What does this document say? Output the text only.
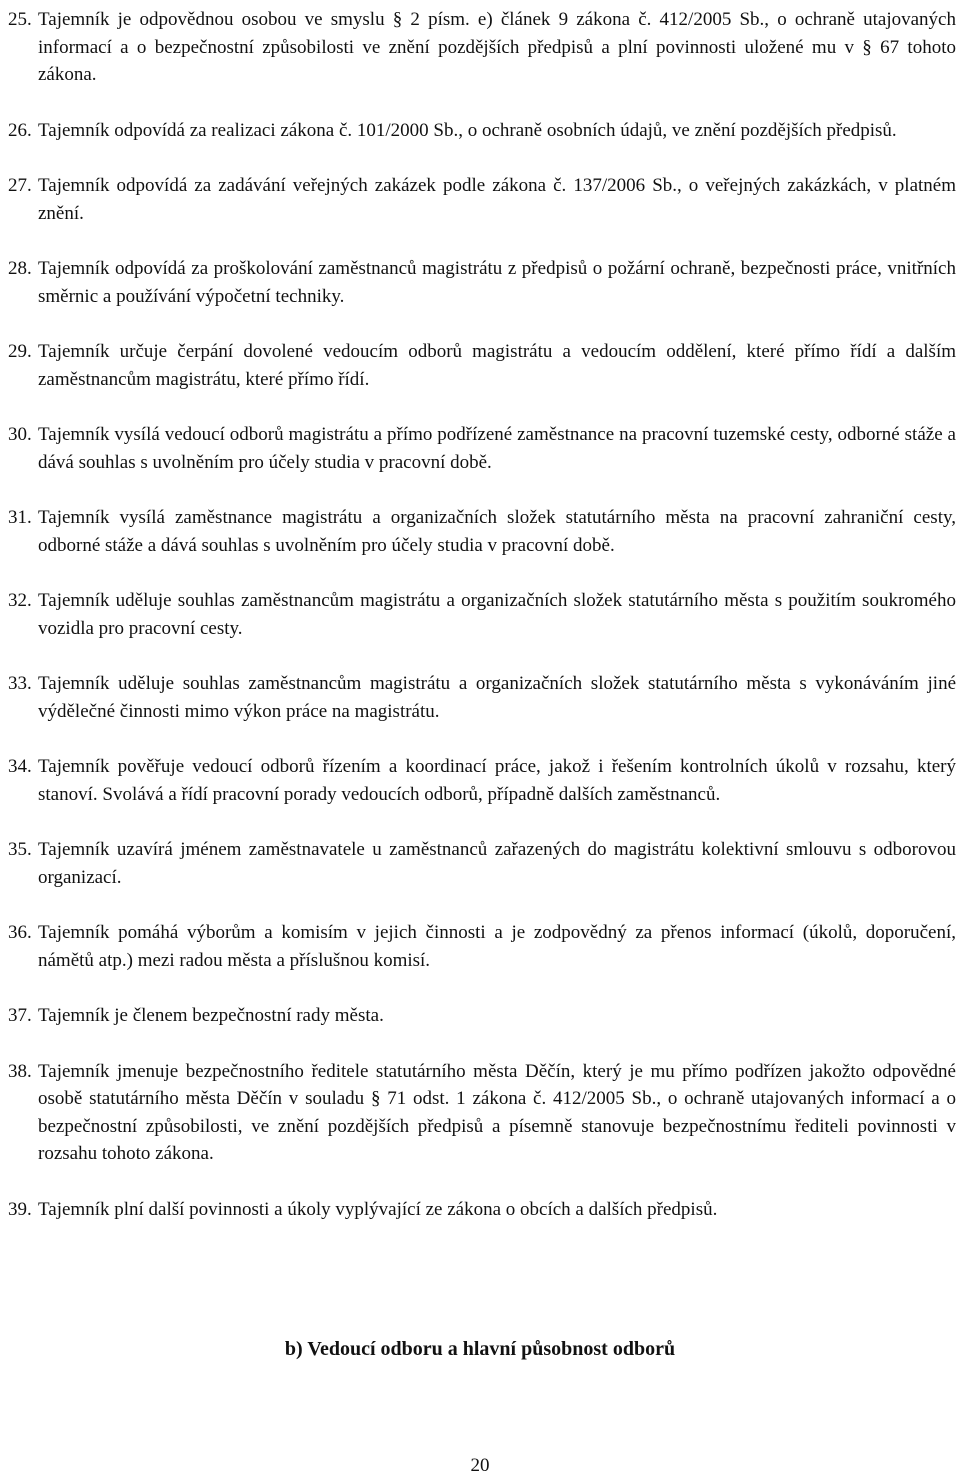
25. Tajemník je odpovědnou osobou ve smyslu § 2 písm. e) článek 9 zákona č. 412/2005 Sb., o ochraně utajovaných informací a o bezpečnostní způsobilosti ve znění pozdějších předpisů a plní povinnosti uložené mu v § 67 tohoto zákona.

26. Tajemník odpovídá za realizaci zákona č. 101/2000 Sb., o ochraně osobních údajů, ve znění pozdějších předpisů.

27. Tajemník odpovídá za zadávání veřejných zakázek podle zákona č. 137/2006 Sb., o veřejných zakázkách, v platném znění.

28. Tajemník odpovídá za proškolování zaměstnanců magistrátu z předpisů o požární ochraně, bezpečnosti práce, vnitřních směrnic a používání výpočetní techniky.

29. Tajemník určuje čerpání dovolené vedoucím odborů magistrátu a vedoucím oddělení, které přímo řídí a dalším zaměstnancům magistrátu, které přímo řídí.

30. Tajemník vysílá vedoucí odborů magistrátu a přímo podřízené zaměstnance na pracovní tuzemské cesty, odborné stáže a dává souhlas s uvolněním pro účely studia v pracovní době.

31. Tajemník vysílá zaměstnance magistrátu a organizačních složek statutárního města na pracovní zahraniční cesty, odborné stáže a dává souhlas s uvolněním pro účely studia v pracovní době.

32. Tajemník uděluje souhlas zaměstnancům magistrátu a organizačních složek statutárního města s použitím soukromého vozidla pro pracovní cesty.

33. Tajemník uděluje souhlas zaměstnancům magistrátu a organizačních složek statutárního města s vykonáváním jiné výdělečné činnosti mimo výkon práce na magistrátu.

34. Tajemník pověřuje vedoucí odborů řízením a koordinací práce, jakož i řešením kontrolních úkolů v rozsahu, který stanoví. Svolává a řídí pracovní porady vedoucích odborů, případně dalších zaměstnanců.

35. Tajemník uzavírá jménem zaměstnavatele u zaměstnanců zařazených do magistrátu kolektivní smlouvu s odborovou organizací.

36. Tajemník pomáhá výborům a komisím v jejich činnosti a je zodpovědný za přenos informací (úkolů, doporučení, námětů atp.) mezi radou města a příslušnou komisí.

37. Tajemník je členem bezpečnostní rady města.

38. Tajemník jmenuje bezpečnostního ředitele statutárního města Děčín, který je mu přímo podřízen jakožto odpovědné osobě statutárního města Děčín v souladu § 71 odst. 1 zákona č. 412/2005 Sb., o ochraně utajovaných informací a o bezpečnostní způsobilosti, ve znění pozdějších předpisů a písemně stanovuje bezpečnostnímu řediteli povinnosti v rozsahu tohoto zákona.

39. Tajemník plní další povinnosti a úkoly vyplývající ze zákona o obcích a dalších předpisů.

b) Vedoucí odboru a hlavní působnost odborů
20
